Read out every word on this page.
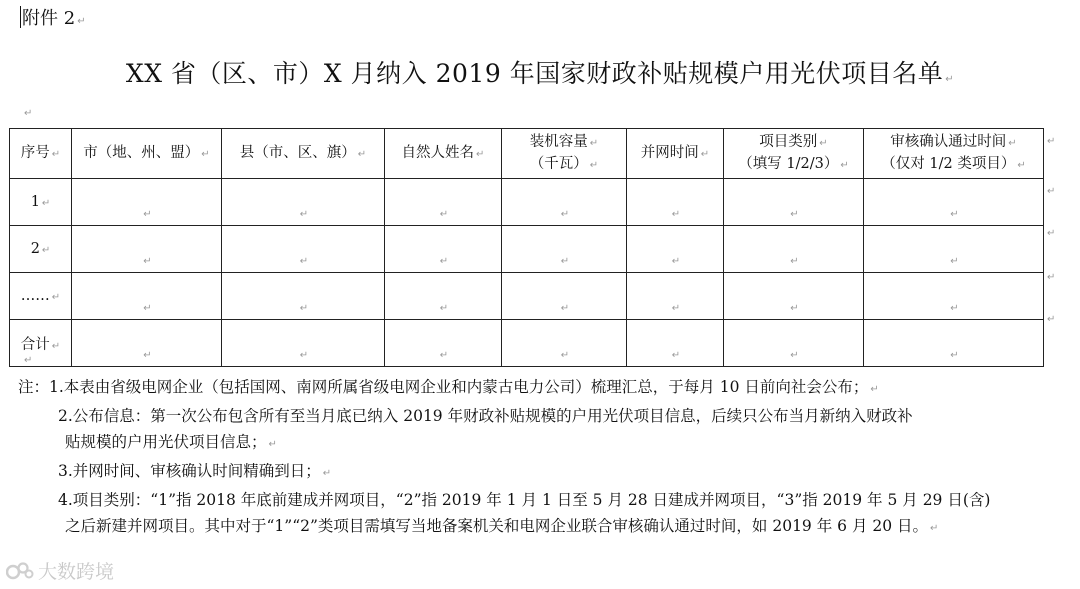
附件 2 ↵
XX 省（区、市）X 月纳入 2019 年国家财政补贴规模户用光伏项目名单 ↵
↵
序号 ↵	市（地、州、盟） ↵	县（市、区、旗） ↵	自然人姓名 ↵	装机容量 ↵
（千瓦） ↵	并网时间 ↵	项目类别 ↵
（填写 1/2/3） ↵	审核确认通过时间 ↵
（仅对 1/2 类项目） ↵
1 ↵	↵	↵	↵	↵	↵	↵	↵
2 ↵	↵	↵	↵	↵	↵	↵	↵
…… ↵	↵	↵	↵	↵	↵	↵	↵
合计 ↵	↵	↵	↵	↵	↵	↵	↵
↵
↵
↵
↵
↵
↵
注：1.本表由省级电网企业（包括国网、南网所属省级电网企业和内蒙古电力公司）梳理汇总，于每月 10 日前向社会公布； ↵
2.公布信息：第一次公布包含所有至当月底已纳入 2019 年财政补贴规模的户用光伏项目信息，后续只公布当月新纳入财政补
贴规模的户用光伏项目信息； ↵
3.并网时间、审核确认时间精确到日； ↵
4.项目类别：“1”指 2018 年底前建成并网项目，“2”指 2019 年 1 月 1 日至 5 月 28 日建成并网项目，“3”指 2019 年 5 月 29 日(含)
之后新建并网项目。其中对于“1”“2”类项目需填写当地备案机关和电网企业联合审核确认通过时间，如 2019 年 6 月 20 日。 ↵
大数跨境
